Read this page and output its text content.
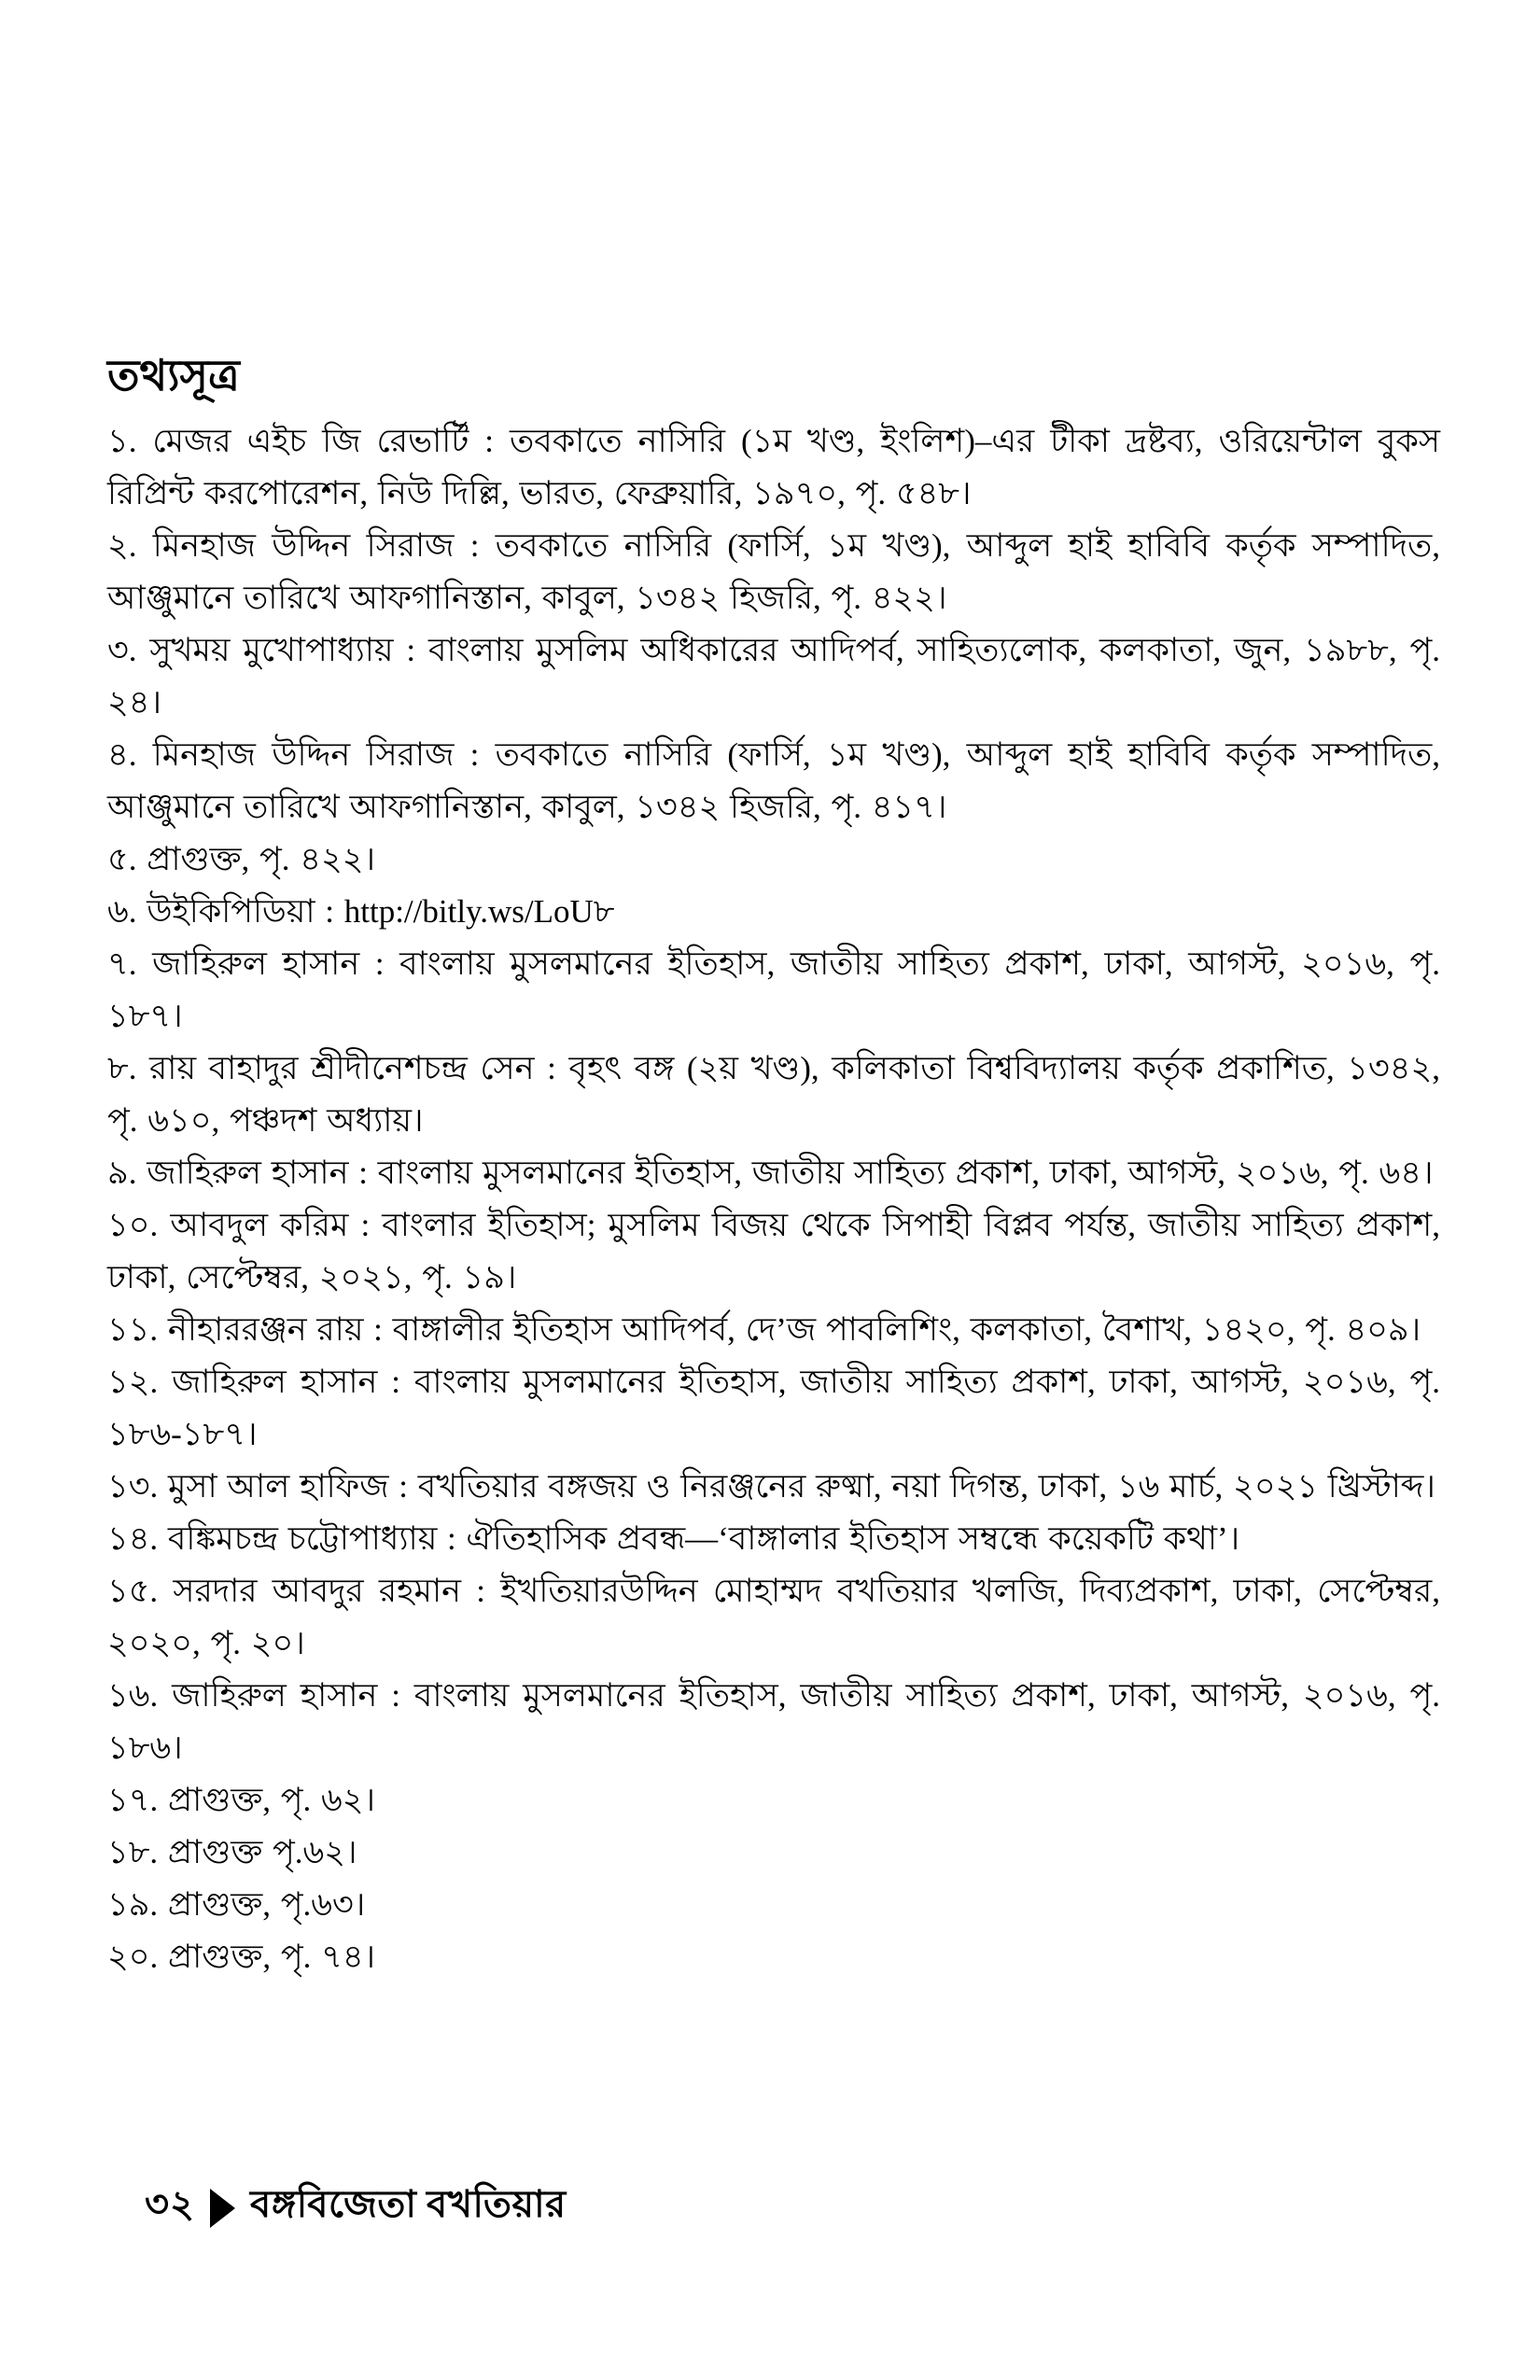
তথ্যসূত্র

১. মেজর এইচ জি রেভার্টি : তবকাতে নাসিরি (১ম খণ্ড, ইংলিশ)–এর টীকা দ্রষ্টব্য, ওরিয়েন্টাল বুকস রিপ্রিন্ট করপোরেশন, নিউ দিল্লি, ভারত, ফেব্রুয়ারি, ১৯৭০, পৃ. ৫৪৮।

২. মিনহাজ উদ্দিন সিরাজ : তবকাতে নাসিরি (ফার্সি, ১ম খণ্ড), আব্দুল হাই হাবিবি কর্তৃক সম্পাদিত, আঞ্জুমানে তারিখে আফগানিস্তান, কাবুল, ১৩৪২ হিজরি, পৃ. ৪২২।

৩. সুখময় মুখোপাধ্যায় : বাংলায় মুসলিম অধিকারের আদিপর্ব, সাহিত্যলোক, কলকাতা, জুন, ১৯৮৮, পৃ. ২৪।

৪. মিনহাজ উদ্দিন সিরাজ : তবকাতে নাসিরি (ফার্সি, ১ম খণ্ড), আব্দুল হাই হাবিবি কর্তৃক সম্পাদিত, আঞ্জুমানে তারিখে আফগানিস্তান, কাবুল, ১৩৪২ হিজরি, পৃ. ৪১৭।

৫. প্রাগুক্ত, পৃ. ৪২২।

৬. উইকিপিডিয়া : http://bitly.ws/LoU৮

৭. জাহিরুল হাসান : বাংলায় মুসলমানের ইতিহাস, জাতীয় সাহিত্য প্রকাশ, ঢাকা, আগস্ট, ২০১৬, পৃ. ১৮৭।

৮. রায় বাহাদুর শ্রীদীনেশচন্দ্র সেন : বৃহৎ বঙ্গ (২য় খণ্ড), কলিকাতা বিশ্ববিদ্যালয় কর্তৃক প্রকাশিত, ১৩৪২, পৃ. ৬১০, পঞ্চদশ অধ্যায়।

৯. জাহিরুল হাসান : বাংলায় মুসলমানের ইতিহাস, জাতীয় সাহিত্য প্রকাশ, ঢাকা, আগস্ট, ২০১৬, পৃ. ৬৪।

১০. আবদুল করিম : বাংলার ইতিহাস; মুসলিম বিজয় থেকে সিপাহী বিপ্লব পর্যন্ত, জাতীয় সাহিত্য প্রকাশ, ঢাকা, সেপ্টেম্বর, ২০২১, পৃ. ১৯।

১১. নীহাররঞ্জন রায় : বাঙ্গালীর ইতিহাস আদিপর্ব, দে’জ পাবলিশিং, কলকাতা, বৈশাখ, ১৪২০, পৃ. ৪০৯।

১২. জাহিরুল হাসান : বাংলায় মুসলমানের ইতিহাস, জাতীয় সাহিত্য প্রকাশ, ঢাকা, আগস্ট, ২০১৬, পৃ. ১৮৬-১৮৭।

১৩. মুসা আল হাফিজ : বখতিয়ার বঙ্গজয় ও নিরঞ্জনের রুষ্মা, নয়া দিগন্ত, ঢাকা, ১৬ মার্চ, ২০২১ খ্রিস্টাব্দ।

১৪. বঙ্কিমচন্দ্র চট্টোপাধ্যায় : ঐতিহাসিক প্রবন্ধ—‘বাঙ্গালার ইতিহাস সম্বন্ধে কয়েকটি কথা’।

১৫. সরদার আবদুর রহমান : ইখতিয়ারউদ্দিন মোহাম্মদ বখতিয়ার খলজি, দিব্যপ্রকাশ, ঢাকা, সেপ্টেম্বর, ২০২০, পৃ. ২০।

১৬. জাহিরুল হাসান : বাংলায় মুসলমানের ইতিহাস, জাতীয় সাহিত্য প্রকাশ, ঢাকা, আগস্ট, ২০১৬, পৃ. ১৮৬।

১৭. প্রাগুক্ত, পৃ. ৬২।

১৮. প্রাগুক্ত পৃ.৬২।

১৯. প্রাগুক্ত, পৃ.৬৩।

২০. প্রাগুক্ত, পৃ. ৭৪।

৩২ বঙ্গবিজেতা বখতিয়ার
